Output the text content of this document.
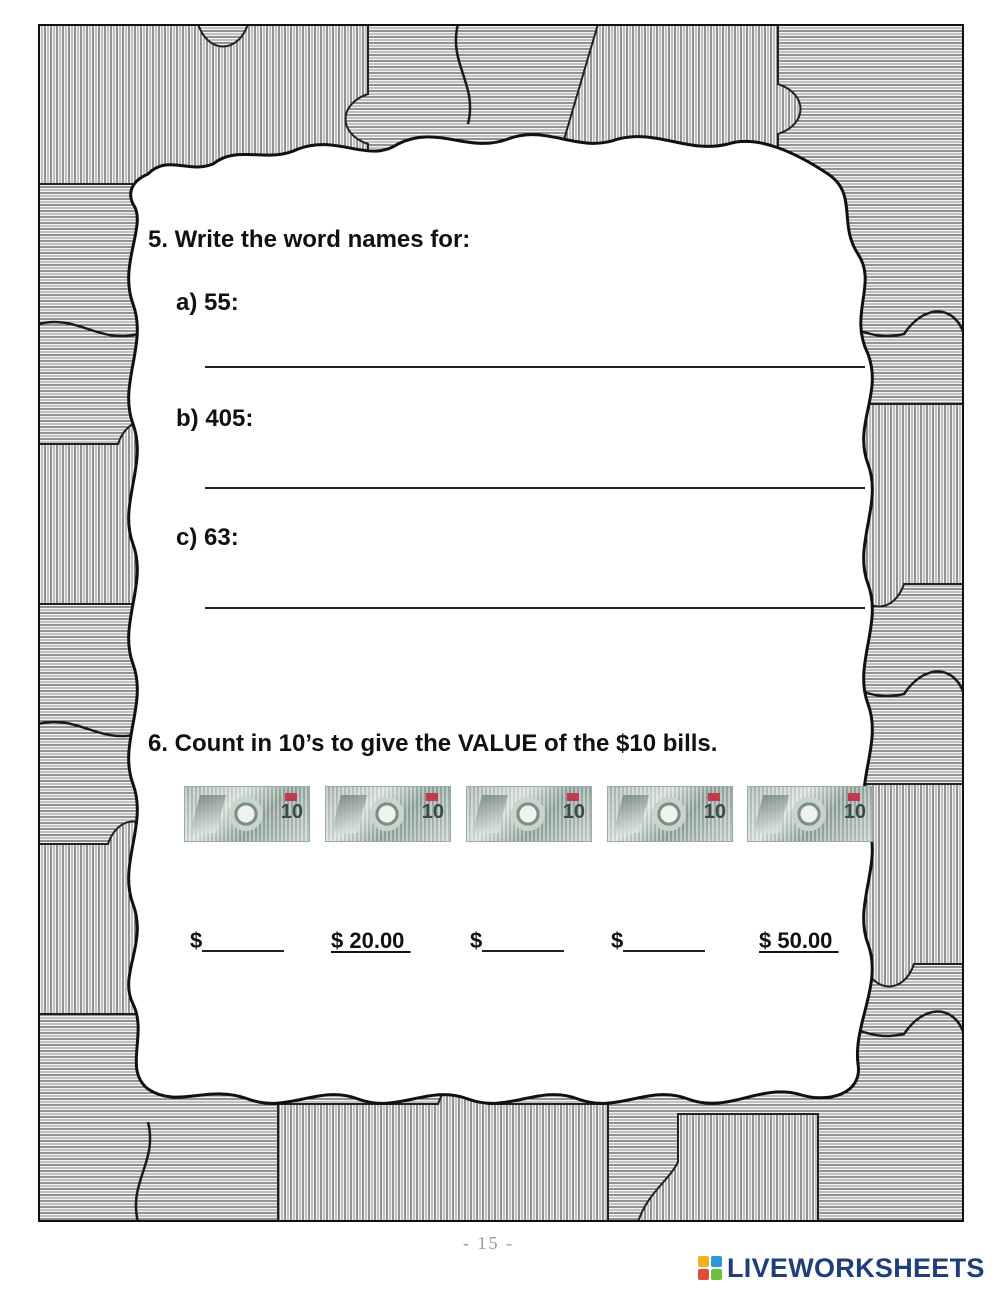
5. Write the word names for:
a) 55:
b) 405:
c) 63:
6. Count in 10’s to give the VALUE of the $10 bills.
10	10	10	10	10
$	$ 20.00	$	$	$ 50.00
- 15 -
LIVEWORKSHEETS
